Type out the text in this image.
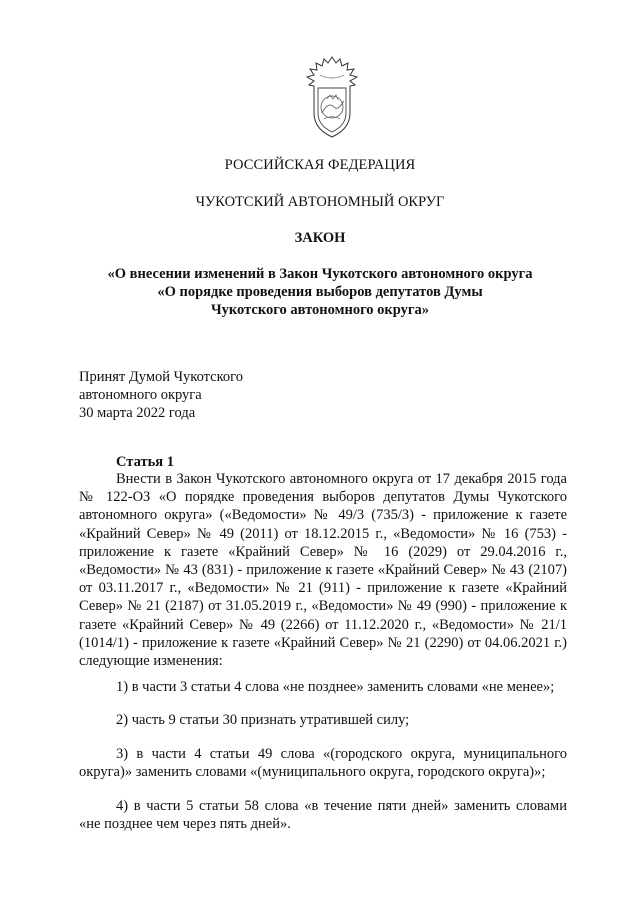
РОССИЙСКАЯ ФЕДЕРАЦИЯ
ЧУКОТСКИЙ АВТОНОМНЫЙ ОКРУГ
ЗАКОН
«О внесении изменений в Закон Чукотского автономного округа
«О порядке проведения выборов депутатов Думы
Чукотского автономного округа»
Принят Думой Чукотского
автономного округа
30 марта 2022 года
Статья 1
Внести в Закон Чукотского автономного округа от 17 декабря 2015 года № 122-ОЗ «О порядке проведения выборов депутатов Думы Чукотского автономного округа» («Ведомости» № 49/3 (735/3) - приложение к газете «Крайний Север» № 49 (2011) от 18.12.2015 г., «Ведомости» № 16 (753) - приложение к газете «Крайний Север» № 16 (2029) от 29.04.2016 г., «Ведомости» № 43 (831) - приложение к газете «Крайний Север» № 43 (2107) от 03.11.2017 г., «Ведомости» № 21 (911) - приложение к газете «Крайний Север» № 21 (2187) от 31.05.2019 г., «Ведомости» № 49 (990) - приложение к газете «Крайний Север» № 49 (2266) от 11.12.2020 г., «Ведомости» № 21/1 (1014/1) - приложение к газете «Крайний Север» № 21 (2290) от 04.06.2021 г.) следующие изменения:
1) в части 3 статьи 4 слова «не позднее» заменить словами «не менее»;
2) часть 9 статьи 30 признать утратившей силу;
3) в части 4 статьи 49 слова «(городского округа, муниципального округа)» заменить словами «(муниципального округа, городского округа)»;
4) в части 5 статьи 58 слова «в течение пяти дней» заменить словами «не позднее чем через пять дней».
